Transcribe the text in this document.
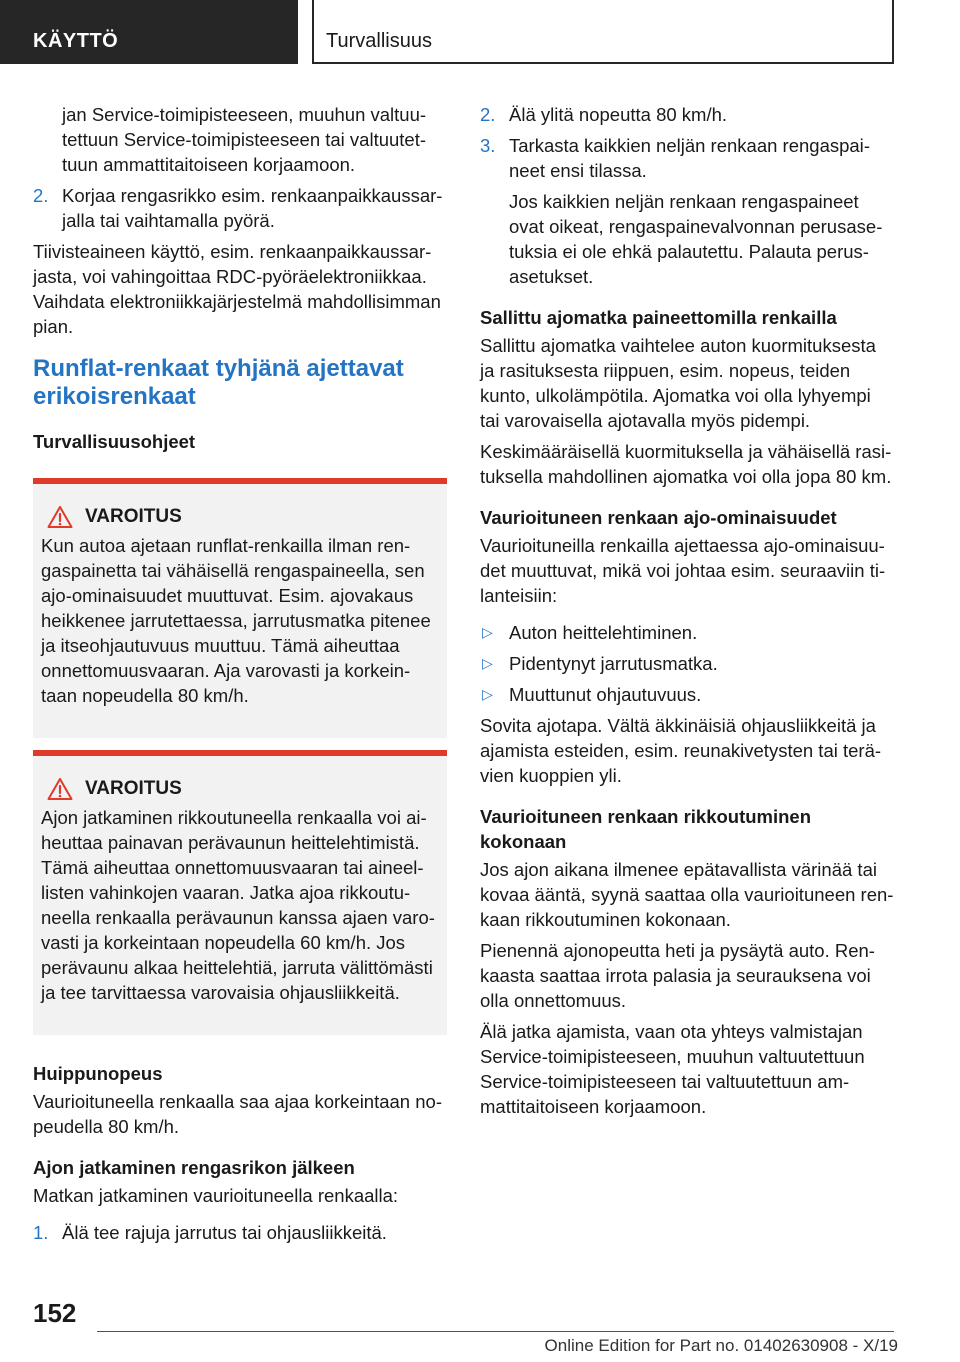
KÄYTTÖ	Turvallisuus

jan Service-toimipisteeseen, muuhun valtuutettuun Service-toimipisteeseen tai valtuutettuun ammattitaitoiseen korjaamoon.

2. Korjaa rengasrikko esim. renkaanpaikkaussarjalla tai vaihtamalla pyörä.

Tiivisteaineen käyttö, esim. renkaanpaikkaussarjasta, voi vahingoittaa RDC-pyöräelektroniikkaa. Vaihdata elektroniikkajärjestelmä mahdollisimman pian.

Runflat-renkaat tyhjänä ajettavat erikoisrenkaat
Turvallisuusohjeet
VAROITUS

Kun autoa ajetaan runflat-renkailla ilman rengaspainetta tai vähäisellä rengaspaineella, sen ajo-ominaisuudet muuttuvat. Esim. ajovakaus heikkenee jarrutettaessa, jarrutusmatka pitenee ja itseohjautuvuus muuttuu. Tämä aiheuttaa onnettomuusvaaran. Aja varovasti ja korkeintaan nopeudella 80 km/h.

VAROITUS

Ajon jatkaminen rikkoutuneella renkaalla voi aiheuttaa painavan perävaunun heittelehtimistä. Tämä aiheuttaa onnettomuusvaaran tai aineellisten vahinkojen vaaran. Jatka ajoa rikkoutuneella renkaalla perävaunun kanssa ajaen varovasti ja korkeintaan nopeudella 60 km/h. Jos perävaunu alkaa heittelehtiä, jarruta välittömästi ja tee tarvittaessa varovaisia ohjausliikkeitä.

Huippunopeus

Vaurioituneella renkaalla saa ajaa korkeintaan nopeudella 80 km/h.

Ajon jatkaminen rengasrikon jälkeen

Matkan jatkaminen vaurioituneella renkaalla:

1. Älä tee rajuja jarrutus tai ohjausliikkeitä.
2. Älä ylitä nopeutta 80 km/h.
3. Tarkasta kaikkien neljän renkaan rengaspaineet ensi tilassa.

Jos kaikkien neljän renkaan rengaspaineet ovat oikeat, rengaspainevalvonnan perusasetuksia ei ole ehkä palautettu. Palauta perusasetukset.

Sallittu ajomatka paineettomilla renkailla

Sallittu ajomatka vaihtelee auton kuormituksesta ja rasituksesta riippuen, esim. nopeus, teiden kunto, ulkolämpötila. Ajomatka voi olla lyhyempi tai varovaisella ajotavalla myös pidempi.

Keskimääräisellä kuormituksella ja vähäisellä rasituksella mahdollinen ajomatka voi olla jopa 80 km.

Vaurioituneen renkaan ajo-ominaisuudet

Vaurioituneilla renkailla ajettaessa ajo-ominaisuudet muuttuvat, mikä voi johtaa esim. seuraaviin tilanteisiin:

▷ Auton heittelehtiminen.
▷ Pidentynyt jarrutusmatka.
▷ Muuttunut ohjautuvuus.

Sovita ajotapa. Vältä äkkinäisiä ohjausliikkeitä ja ajamista esteiden, esim. reunakivetysten tai terävien kuoppien yli.

Vaurioituneen renkaan rikkoutuminen kokonaan

Jos ajon aikana ilmenee epätavallista värinää tai kovaa ääntä, syynä saattaa olla vaurioituneen renkaan rikkoutuminen kokonaan.

Pienennä ajonopeutta heti ja pysäytä auto. Renkaasta saattaa irrota palasia ja seurauksena voi olla onnettomuus.

Älä jatka ajamista, vaan ota yhteys valmistajan Service-toimipisteeseen, muuhun valtuutettuun Service-toimipisteeseen tai valtuutettuun ammattitaitoiseen korjaamoon.

152
Online Edition for Part no. 01402630908 - X/19
